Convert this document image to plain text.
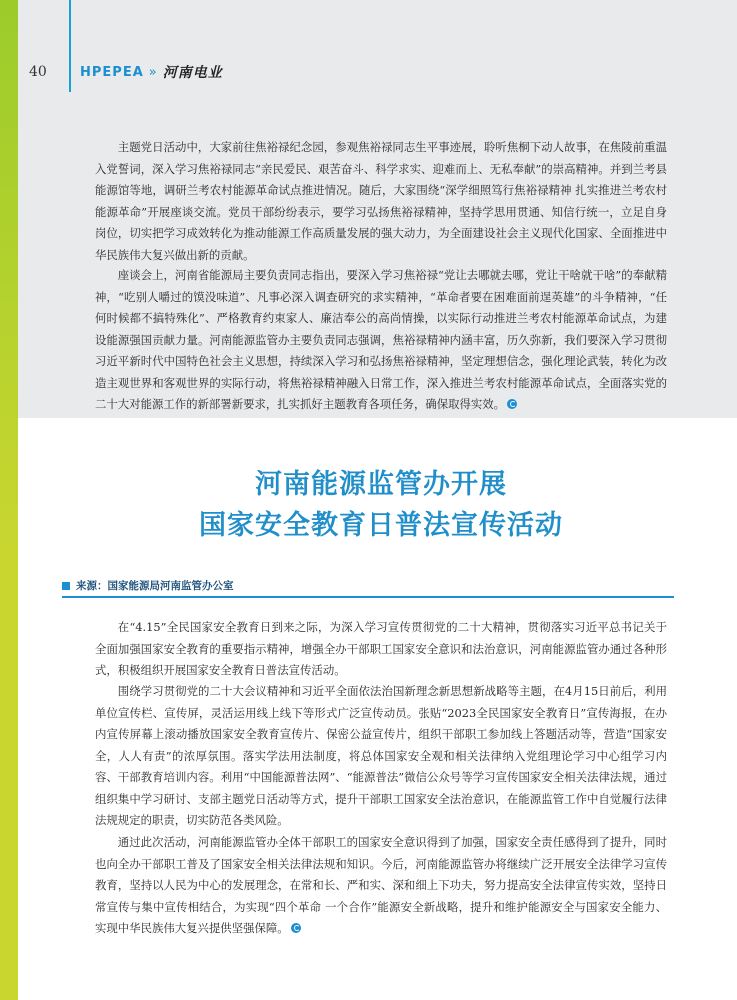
40	HPEPEA » 河南电业

主题党日活动中，大家前往焦裕禄纪念园，参观焦裕禄同志生平事迹展，聆听焦桐下动人故事，在焦陵前重温入党誓词，深入学习焦裕禄同志“亲民爱民、艰苦奋斗、科学求实、迎难而上、无私奉献”的崇高精神。并到兰考县能源馆等地，调研兰考农村能源革命试点推进情况。随后，大家围绕“深学细照笃行焦裕禄精神 扎实推进兰考农村能源革命”开展座谈交流。党员干部纷纷表示，要学习弘扬焦裕禄精神，坚持学思用贯通、知信行统一，立足自身岗位，切实把学习成效转化为推动能源工作高质量发展的强大动力，为全面建设社会主义现代化国家、全面推进中华民族伟大复兴做出新的贡献。

座谈会上，河南省能源局主要负责同志指出，要深入学习焦裕禄“党让去哪就去哪，党让干啥就干啥”的奉献精神，“吃别人嚼过的馍没味道”、凡事必深入调查研究的求实精神，“革命者要在困难面前逞英雄”的斗争精神，“任何时候都不搞特殊化”、严格教育约束家人、廉洁奉公的高尚情操，以实际行动推进兰考农村能源革命试点，为建设能源强国贡献力量。河南能源监管办主要负责同志强调，焦裕禄精神内涵丰富，历久弥新，我们要深入学习贯彻习近平新时代中国特色社会主义思想，持续深入学习和弘扬焦裕禄精神，坚定理想信念，强化理论武装，转化为改造主观世界和客观世界的实际行动，将焦裕禄精神融入日常工作，深入推进兰考农村能源革命试点，全面落实党的二十大对能源工作的新部署新要求，扎实抓好主题教育各项任务，确保取得实效。

河南能源监管办开展
国家安全教育日普法宣传活动
来源：国家能源局河南监管办公室

在“4.15”全民国家安全教育日到来之际，为深入学习宣传贯彻党的二十大精神，贯彻落实习近平总书记关于全面加强国家安全教育的重要指示精神，增强全办干部职工国家安全意识和法治意识，河南能源监管办通过各种形式，积极组织开展国家安全教育日普法宣传活动。

围绕学习贯彻党的二十大会议精神和习近平全面依法治国新理念新思想新战略等主题，在4月15日前后，利用单位宣传栏、宣传屏，灵活运用线上线下等形式广泛宣传动员。张贴“2023全民国家安全教育日”宣传海报，在办内宣传屏幕上滚动播放国家安全教育宣传片、保密公益宣传片，组织干部职工参加线上答题活动等，营造“国家安全，人人有责”的浓厚氛围。落实学法用法制度，将总体国家安全观和相关法律纳入党组理论学习中心组学习内容、干部教育培训内容。利用“中国能源普法网”、“能源普法”微信公众号等学习宣传国家安全相关法律法规，通过组织集中学习研讨、支部主题党日活动等方式，提升干部职工国家安全法治意识，在能源监管工作中自觉履行法律法规规定的职责，切实防范各类风险。

通过此次活动，河南能源监管办全体干部职工的国家安全意识得到了加强，国家安全责任感得到了提升，同时也向全办干部职工普及了国家安全相关法律法规和知识。今后，河南能源监管办将继续广泛开展安全法律学习宣传教育，坚持以人民为中心的发展理念，在常和长、严和实、深和细上下功夫，努力提高安全法律宣传实效，坚持日常宣传与集中宣传相结合，为实现“四个革命 一个合作”能源安全新战略，提升和维护能源安全与国家安全能力、实现中华民族伟大复兴提供坚强保障。
